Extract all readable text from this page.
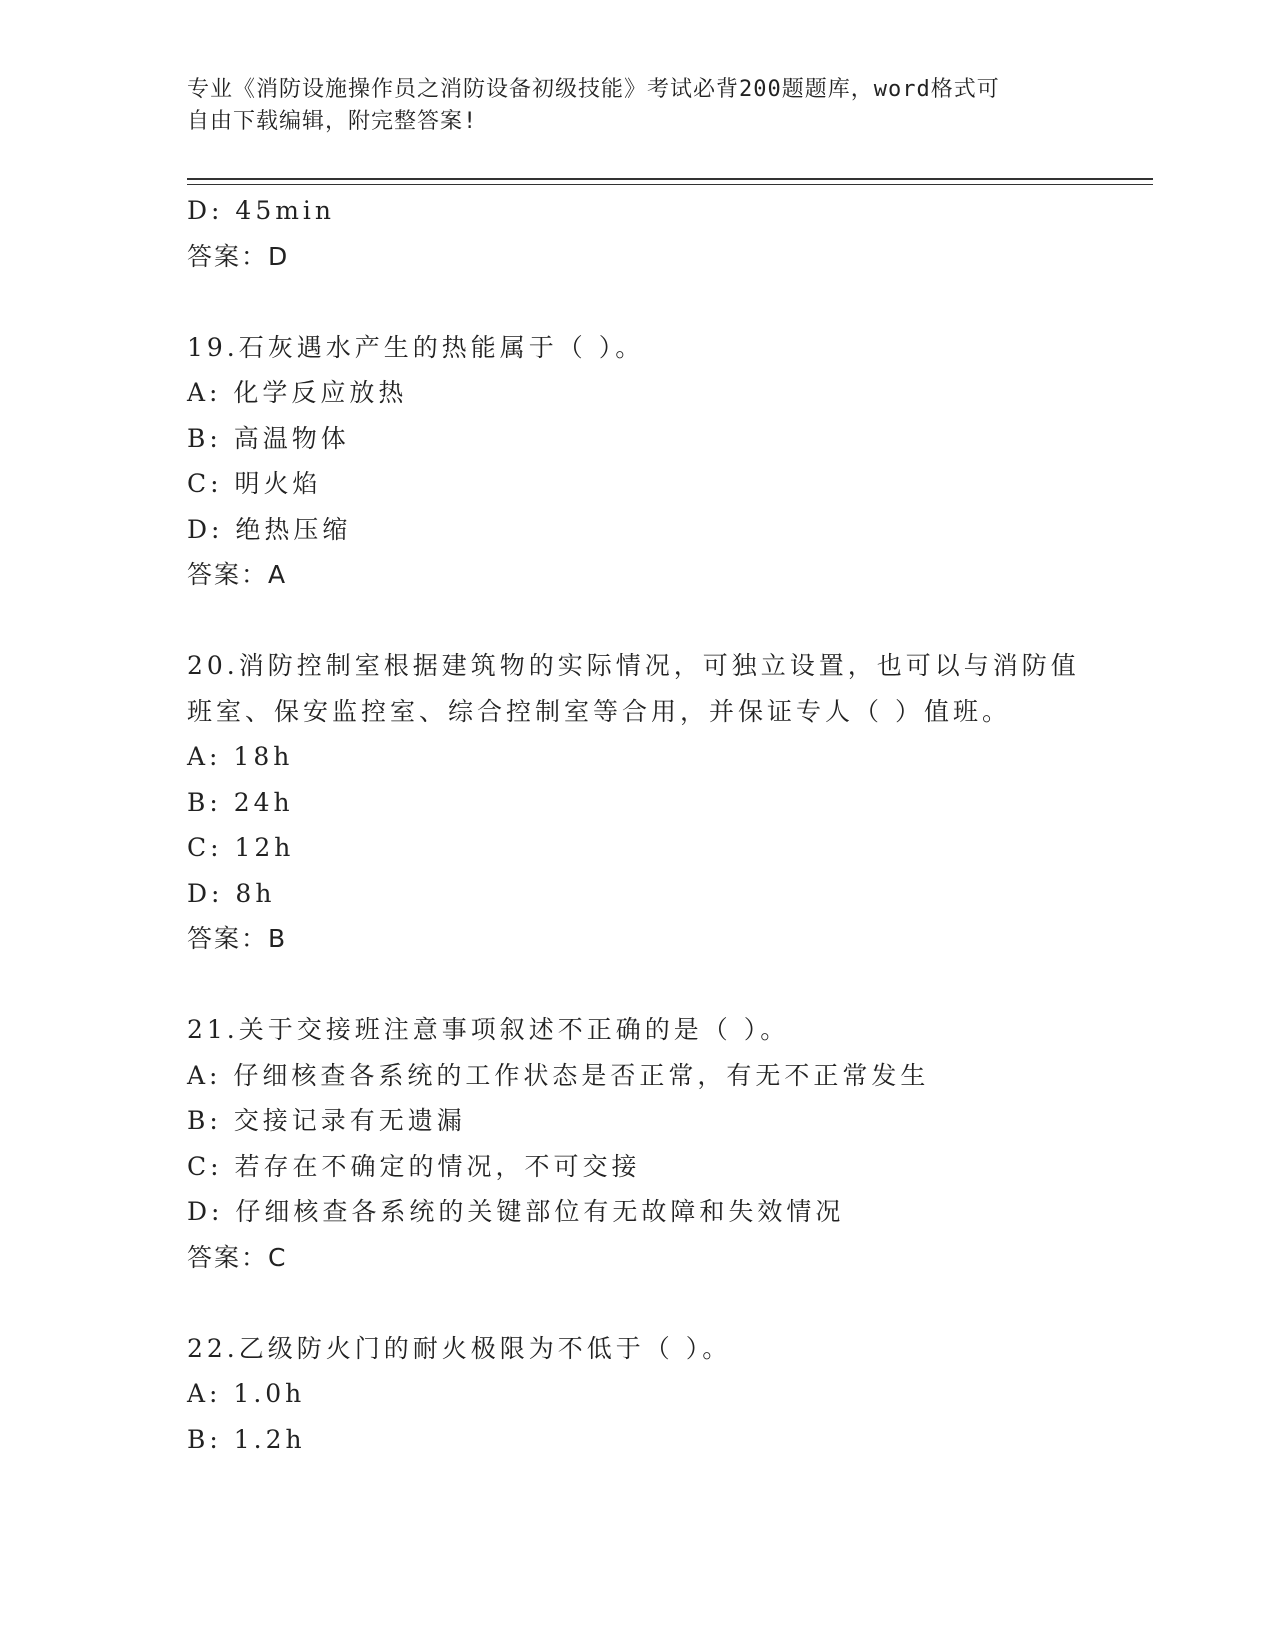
专业《消防设施操作员之消防设备初级技能》考试必背200题题库，word格式可
自由下载编辑，附完整答案!
D: 45min
答案：D
19.石灰遇水产生的热能属于（ ）。
A: 化学反应放热
B: 高温物体
C: 明火焰
D: 绝热压缩
答案：A
20.消防控制室根据建筑物的实际情况，可独立设置，也可以与消防值
班室、保安监控室、综合控制室等合用，并保证专人（ ）值班。
A: 18h
B: 24h
C: 12h
D: 8h
答案：B
21.关于交接班注意事项叙述不正确的是（ ）。
A: 仔细核查各系统的工作状态是否正常，有无不正常发生
B: 交接记录有无遗漏
C: 若存在不确定的情况，不可交接
D: 仔细核查各系统的关键部位有无故障和失效情况
答案：C
22.乙级防火门的耐火极限为不低于（ ）。
A: 1.0h
B: 1.2h
